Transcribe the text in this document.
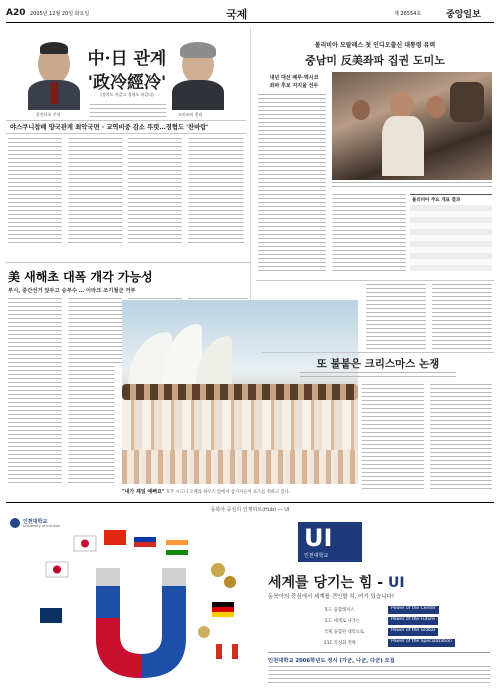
A20 2005년 12월 20일 화요일	국제	제 26554호	중앙일보
후진타오 주석
中·日 관계
'政冷經冷'
(정치도 차갑고 경제도 차갑다)
고이즈미 총리
야스쿠니참배 양국관계 최악국면 · 교역비중 감소 뚜렷…경협도 '찬바람'
볼리비아 모랄레스 첫 인디오출신 대통령 유력
중남미 反美좌파 집권 도미노
내년 대선 페루·멕시코
좌파 후보 지지율 선두
볼리비아 주요 개표 결과
美 새해초 대폭 개각 가능성
부시, 중간선거 앞두고 승부수 … 이라크 조기철군 거부
"내가 제일 예뻐요" 호주 시드니 오페라 하우스 앞에서 참가자들이 포즈를 취하고 있다.
또 불붙은 크리스마스 논쟁
동북아 중심의 인재허브(Hub) — UI
인천대학교
University of Incheon	UI
인천대학교
세계를 당기는 힘 - UI
동북아의 중심에서 세계를 견인할 치, 여기 있습니다!
호도 융합레저스	Power of the Center
호도 세계로 나가는	Power of the Future
국제 융합된 대학으로	Power of the Global
21C 특성화 전략	Power of the Specialization
인천대학교 2006학년도 정시 (가군, 나군, 다군) 모집
